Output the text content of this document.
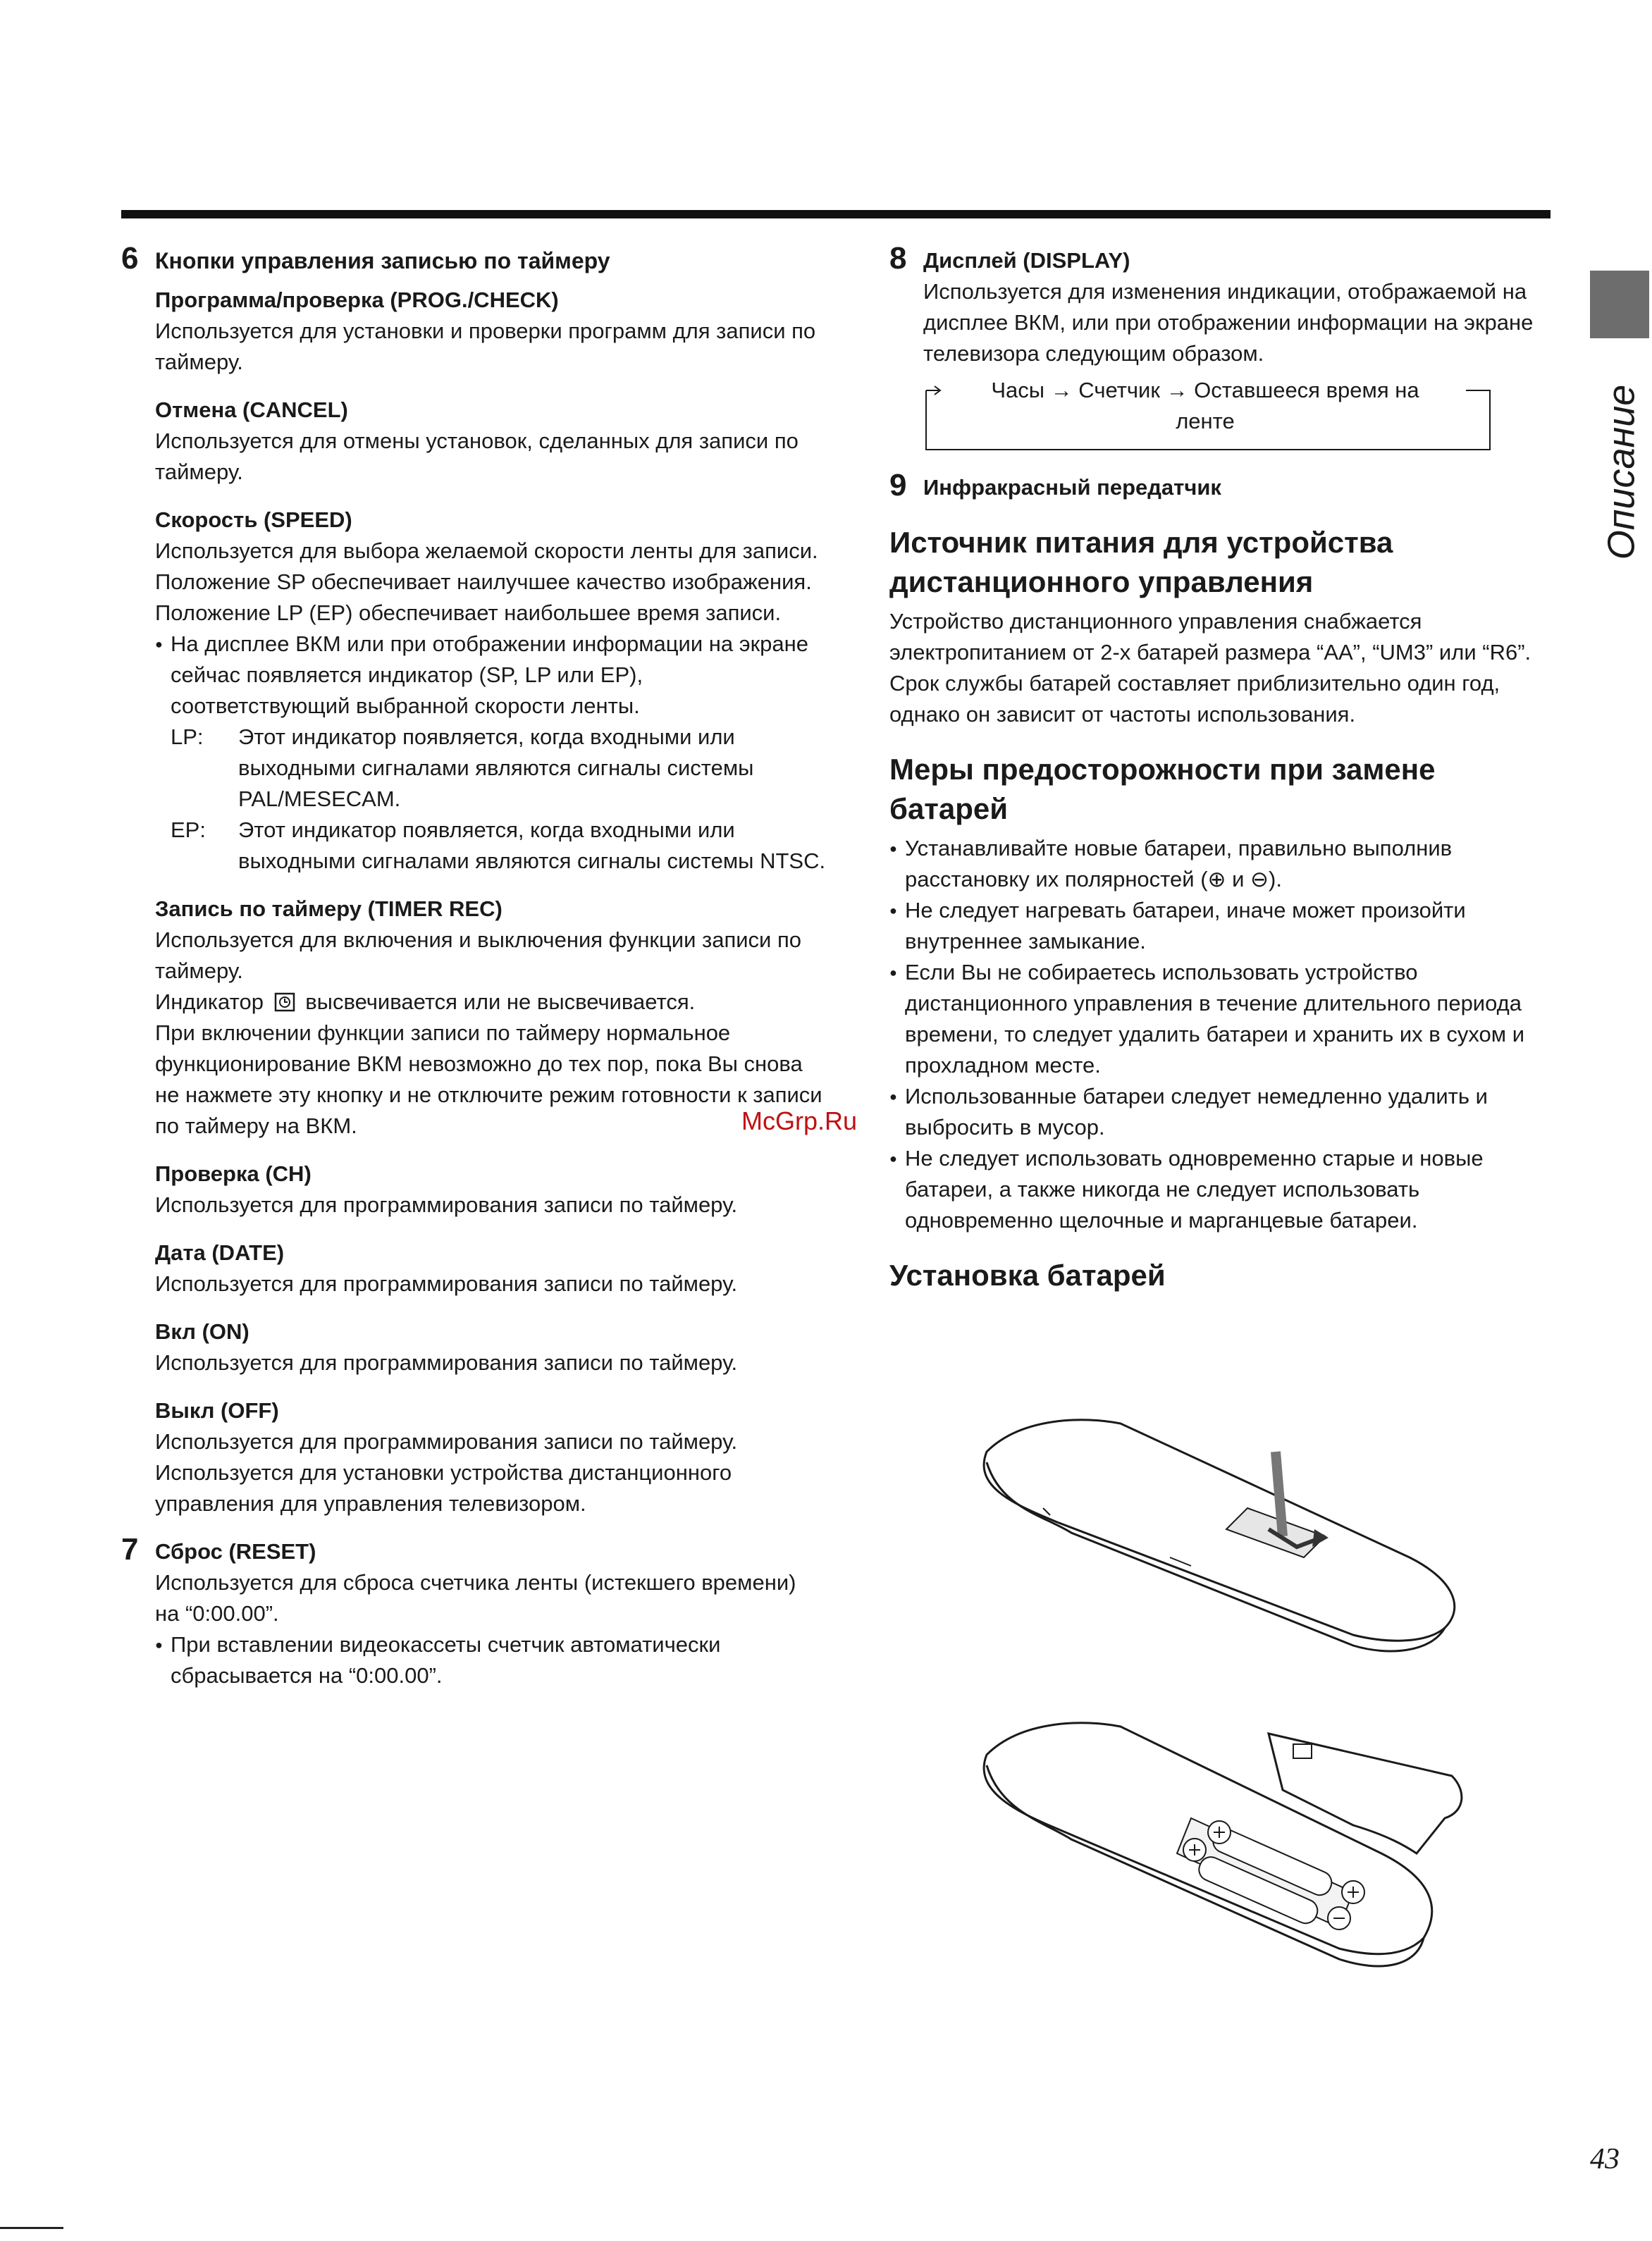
Описание
6 Кнопки управления записью по таймеру
Программа/проверка (PROG./CHECK)

Используется для установки и проверки программ для записи по таймеру.

Отмена (CANCEL)

Используется для отмены установок, сделанных для записи по таймеру.

Скорость (SPEED)

Используется для выбора желаемой скорости ленты для записи.

Положение SP обеспечивает наилучшее качество изображения.

Положение LP (EP) обеспечивает наибольшее время записи.

● На дисплее ВКМ или при отображении информации на экране сейчас появляется индикатор (SP, LP или EP), соответствующий выбранной скорости ленты.

LP: Этот индикатор появляется, когда входными или выходными сигналами являются сигналы системы PAL/MESECAM.
EP: Этот индикатор появляется, когда входными или выходными сигналами являются сигналы системы NTSC.
Запись по таймеру (TIMER REC)

Используется для включения и выключения функции записи по таймеру.

Индикатор высвечивается или не высвечивается.

При включении функции записи по таймеру нормальное функционирование ВКМ невозможно до тех пор, пока Вы снова не нажмете эту кнопку и не отключите режим готовности к записи по таймеру на ВКМ.

Проверка (CH)

Используется для программирования записи по таймеру.

Дата (DATE)

Используется для программирования записи по таймеру.

Вкл (ON)

Используется для программирования записи по таймеру.

Выкл (OFF)

Используется для программирования записи по таймеру.

Используется для установки устройства дистанционного управления для управления телевизором.

7 Сброс (RESET)

Используется для сброса счетчика ленты (истекшего времени) на “0:00.00”.

● При вставлении видеокассеты счетчик автоматически сбрасывается на “0:00.00”.

8 Дисплей (DISPLAY)

Используется для изменения индикации, отображаемой на дисплее ВКМ, или при отображении информации на экране телевизора следующим образом.

Часы → Счетчик → Оставшееся время на
ленте
9 Инфракрасный передатчик
Источник питания для устройства дистанционного управления

Устройство дистанционного управления снабжается электропитанием от 2-х батарей размера “AA”, “UM3” или “R6”. Срок службы батарей составляет приблизительно один год, однако он зависит от частоты использования.

Меры предосторожности при замене батарей

● Устанавливайте новые батареи, правильно выполнив расстановку их полярностей (⊕ и ⊖).

● Не следует нагревать батареи, иначе может произойти внутреннее замыкание.

● Если Вы не собираетесь использовать устройство дистанционного управления в течение длительного периода времени, то следует удалить батареи и хранить их в сухом и прохладном месте.

● Использованные батареи следует немедленно удалить и выбросить в мусор.

● Не следует использовать одновременно старые и новые батареи, а также никогда не следует использовать одновременно щелочные и марганцевые батареи.

Установка батарей
McGrp.Ru
43
